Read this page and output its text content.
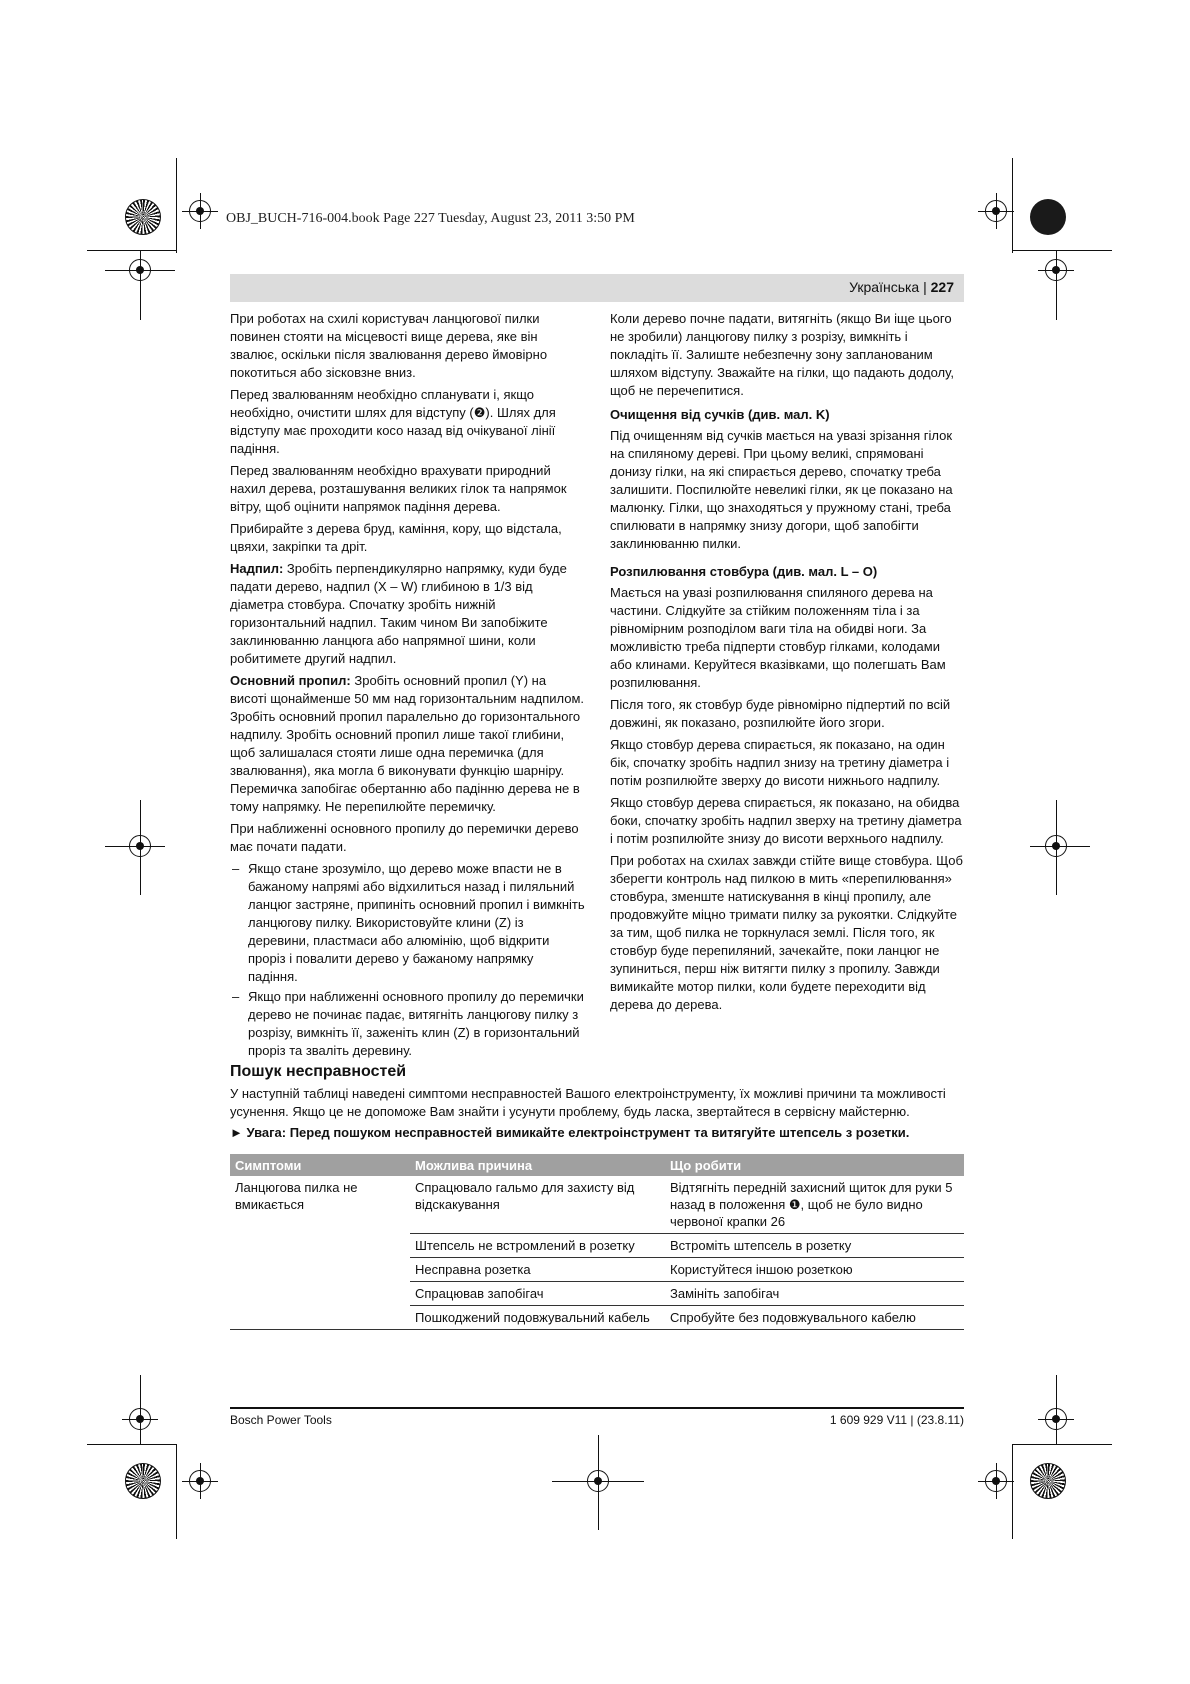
OBJ_BUCH-716-004.book Page 227 Tuesday, August 23, 2011 3:50 PM
Українська | 227

При роботах на схилі користувач ланцюгової пилки повинен стояти на місцевості вище дерева, яке він звалює, оскільки після звалювання дерево ймовірно покотиться або зісковзне вниз.

Перед звалюванням необхідно спланувати і, якщо необхідно, очистити шлях для відступу (❷). Шлях для відступу має проходити косо назад від очікуваної лінії падіння.

Перед звалюванням необхідно врахувати природний нахил дерева, розташування великих гілок та напрямок вітру, щоб оцінити напрямок падіння дерева.

Прибирайте з дерева бруд, каміння, кору, що відстала, цвяхи, закріпки та дріт.

Надпил: Зробіть перпендикулярно напрямку, куди буде падати дерево, надпил (X – W) глибиною в 1/3 від діаметра стовбура. Спочатку зробіть нижній горизонтальний надпил. Таким чином Ви запобіжите заклинюванню ланцюга або напрямної шини, коли робитимете другий надпил.

Основний пропил: Зробіть основний пропил (Y) на висоті щонайменше 50 мм над горизонтальним надпилом. Зробіть основний пропил паралельно до горизонтального надпилу. Зробіть основний пропил лише такої глибини, щоб залишалася стояти лише одна перемичка (для звалювання), яка могла б виконувати функцію шарніру. Перемичка запобігає обертанню або падінню дерева не в тому напрямку. Не перепилюйте перемичку.

При наближенні основного пропилу до перемички дерево має почати падати.

– Якщо стане зрозуміло, що дерево може впасти не в бажаному напрямі або відхилиться назад і пиляльний ланцюг застряне, припиніть основний пропил і вимкніть ланцюгову пилку. Використовуйте клини (Z) із деревини, пластмаси або алюмінію, щоб відкрити проріз і повалити дерево у бажаному напрямку падіння.
– Якщо при наближенні основного пропилу до перемички дерево не починає падає, витягніть ланцюгову пилку з розрізу, вимкніть її, заженіть клин (Z) в горизонтальний проріз та зваліть деревину.

Коли дерево почне падати, витягніть (якщо Ви іще цього не зробили) ланцюгову пилку з розрізу, вимкніть і покладіть її. Залиште небезпечну зону запланованим шляхом відступу. Зважайте на гілки, що падають додолу, щоб не перечепитися.

Очищення від сучків (див. мал. K)

Під очищенням від сучків мається на увазі зрізання гілок на спиляному дереві. При цьому великі, спрямовані донизу гілки, на які спирається дерево, спочатку треба залишити. Поспилюйте невеликі гілки, як це показано на малюнку. Гілки, що знаходяться у пружному стані, треба спилювати в напрямку знизу догори, щоб запобігти заклинюванню пилки.

Розпилювання стовбура (див. мал. L – O)

Мається на увазі розпилювання спиляного дерева на частини. Слідкуйте за стійким положенням тіла і за рівномірним розподілом ваги тіла на обидві ноги. За можливістю треба підперти стовбур гілками, колодами або клинами. Керуйтеся вказівками, що полегшать Вам розпилювання.

Після того, як стовбур буде рівномірно підпертий по всій довжині, як показано, розпилюйте його згори.

Якщо стовбур дерева спирається, як показано, на один бік, спочатку зробіть надпил знизу на третину діаметра і потім розпилюйте зверху до висоти нижнього надпилу.

Якщо стовбур дерева спирається, як показано, на обидва боки, спочатку зробіть надпил зверху на третину діаметра і потім розпилюйте знизу до висоти верхнього надпилу.

При роботах на схилах завжди стійте вище стовбура. Щоб зберегти контроль над пилкою в мить «перепилювання» стовбура, зменште натискування в кінці пропилу, але продовжуйте міцно тримати пилку за рукоятки. Слідкуйте за тим, щоб пилка не торкнулася землі. Після того, як стовбур буде перепиляний, зачекайте, поки ланцюг не зупиниться, перш ніж витягти пилку з пропилу. Завжди вимикайте мотор пилки, коли будете переходити від дерева до дерева.

Пошук несправностей

У наступній таблиці наведені симптоми несправностей Вашого електроінструменту, їх можливі причини та можливості усунення. Якщо це не допоможе Вам знайти і усунути проблему, будь ласка, звертайтеся в сервісну майстерню.

► Увага: Перед пошуком несправностей вимикайте електроінструмент та витягуйте штепсель з розетки.

Симптоми	Можлива причина	Що робити
Ланцюгова пилка не вмикається	Спрацювало гальмо для захисту від відскакування	Відтягніть передній захисний щиток для руки 5 назад в положення ❶, щоб не було видно червоної крапки 26
	Штепсель не встромлений в розетку	Встроміть штепсель в розетку
	Несправна розетка	Користуйтеся іншою розеткою
	Спрацював запобігач	Замініть запобігач
	Пошкоджений подовжувальний кабель	Спробуйте без подовжувального кабелю
Bosch Power Tools	1 609 929 V11 | (23.8.11)
